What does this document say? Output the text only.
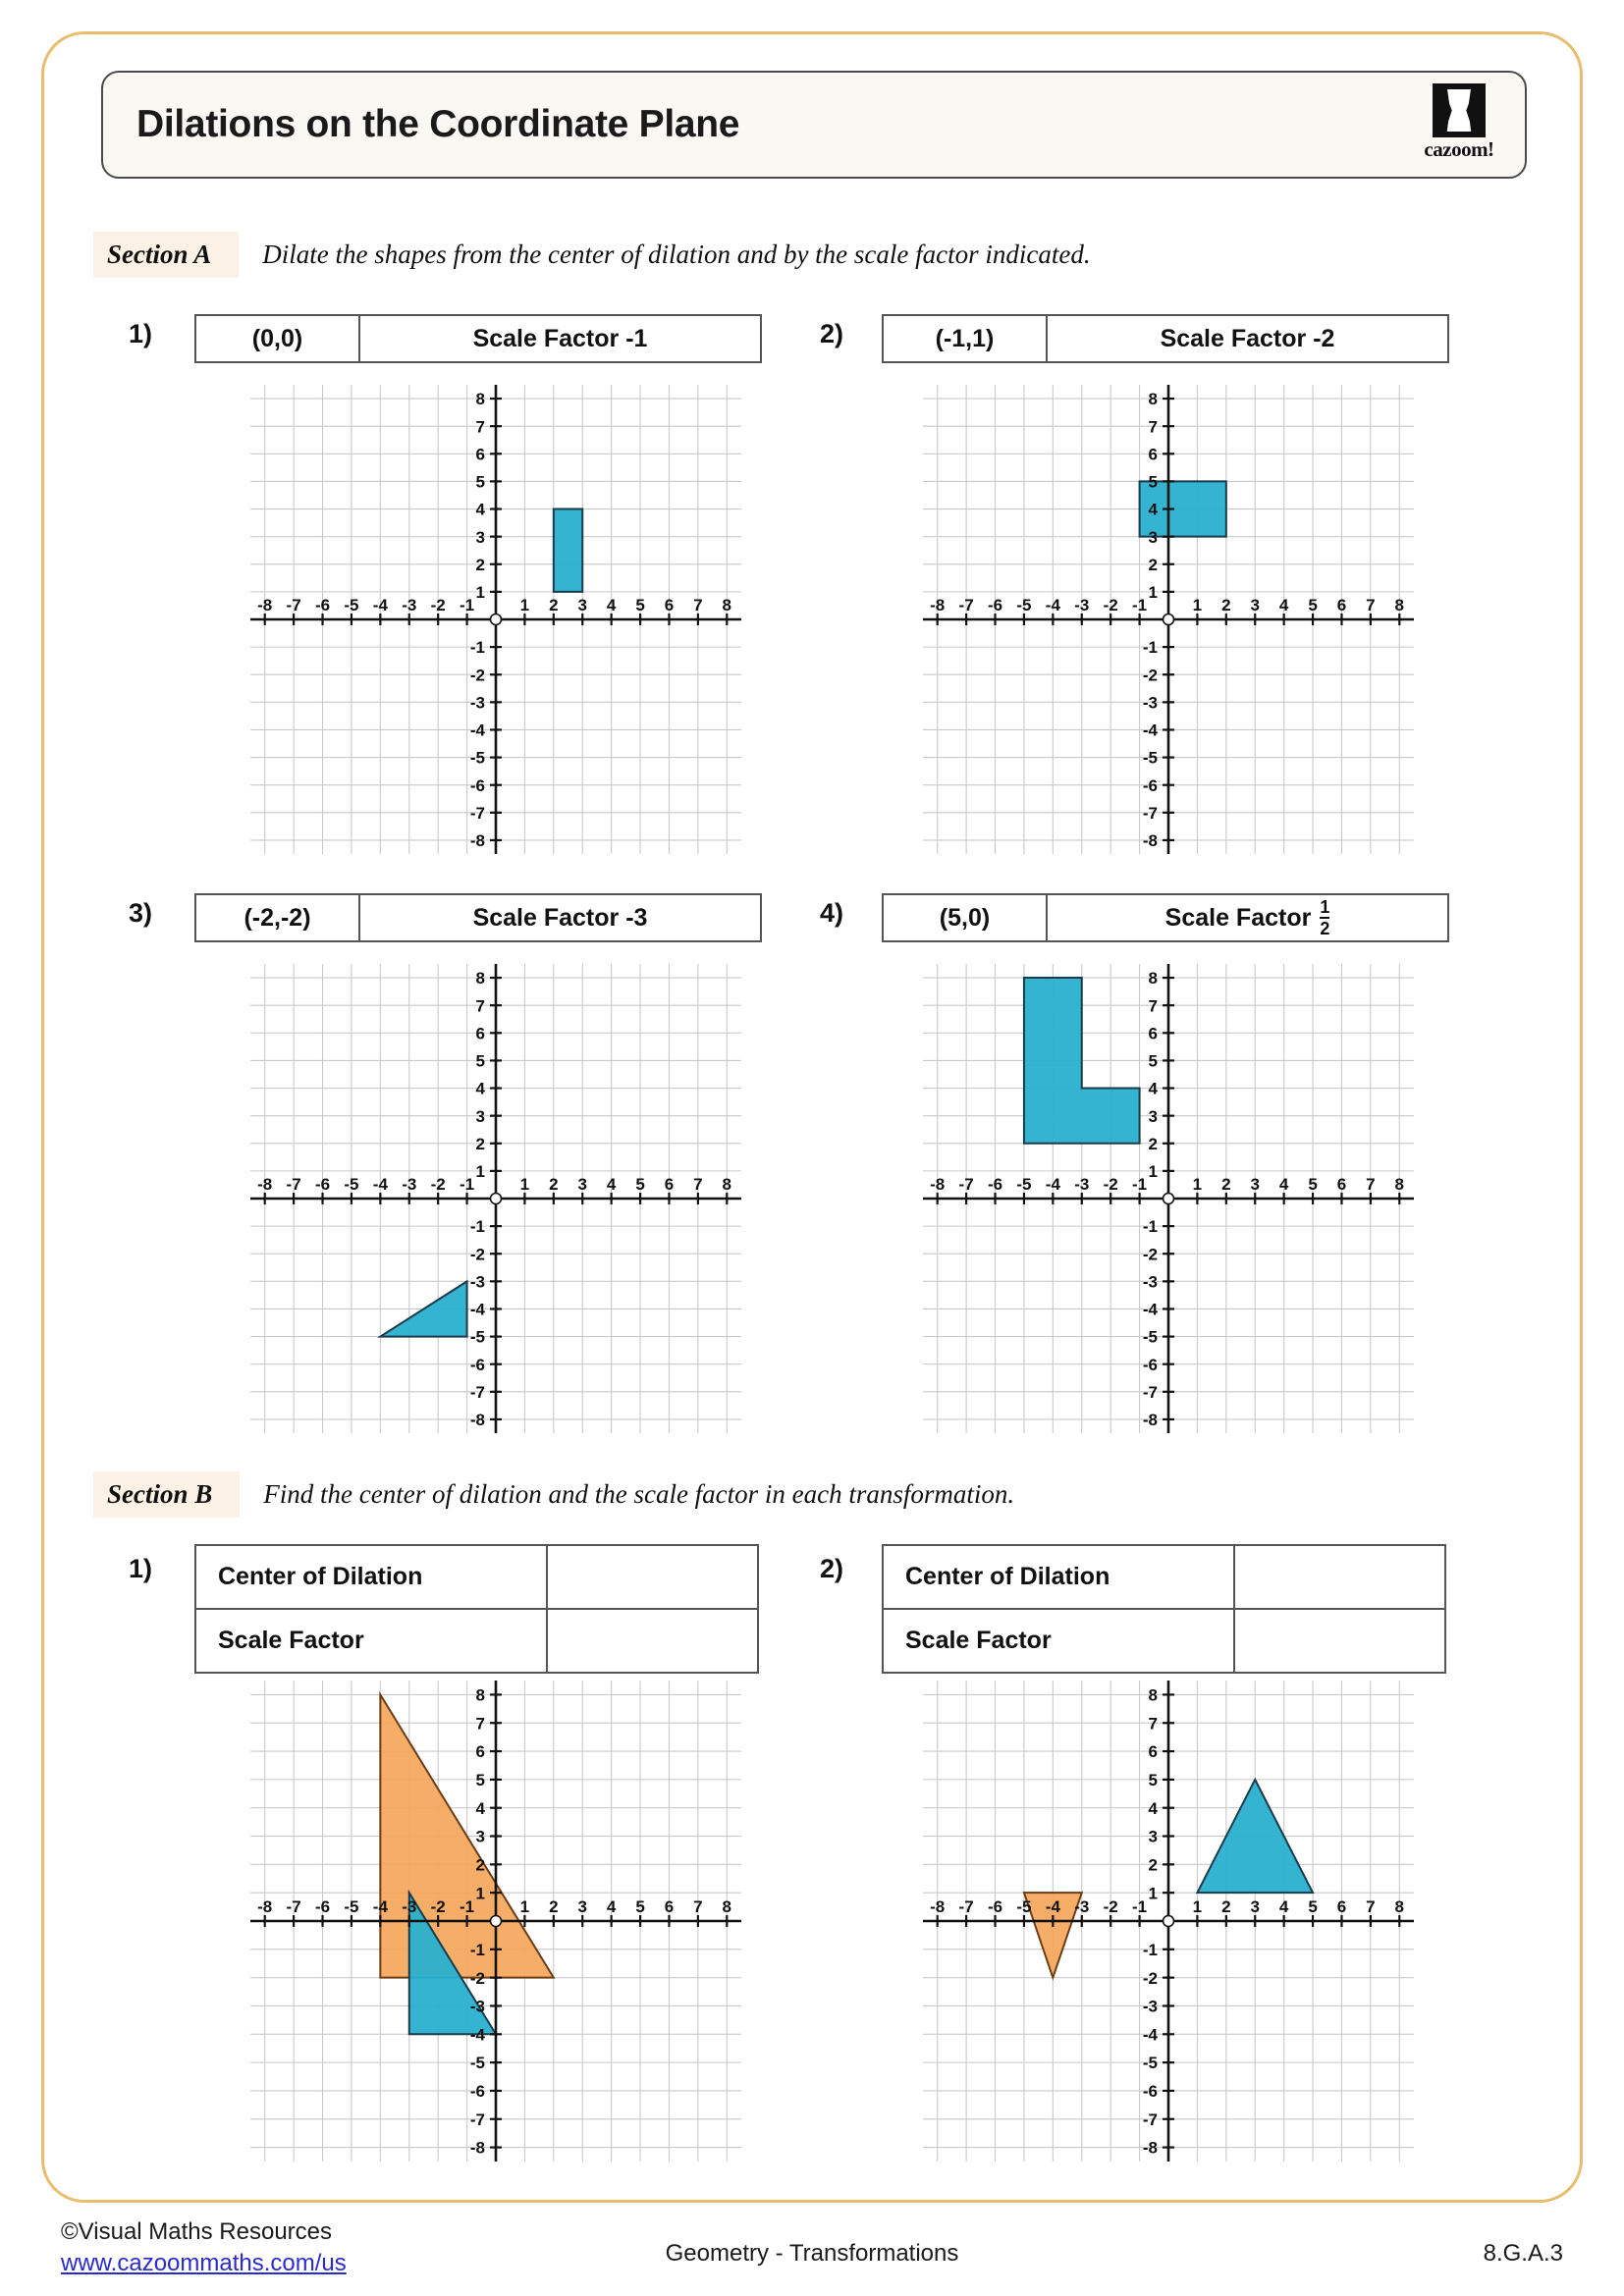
Dilations on the Coordinate Plane
cazoom!
Section A	Dilate the shapes from the center of dilation and by the scale factor indicated.
1)	(0,0)	Scale Factor -1
-8 -7 -6 -5 -4 -3 -2 -1	1 2 3 4 5 6 7 8
-8
-7
-6
-5
-4
-3
-2
-1
1
2
3
4
5
6
7
8
2)	(-1,1)	Scale Factor -2
-8 -7 -6 -5 -4 -3 -2 -1	1 2 3 4 5 6 7 8
-8
-7
-6
-5
-4
-3
-2
-1
1
2
3
4
5
6
7
8
3)	(-2,-2)	Scale Factor -3
-8 -7 -6 -5 -4 -3 -2 -1	1 2 3 4 5 6 7 8
-8
-7
-6
-5
-4
-3
-2
-1
1
2
3
4
5
6
7
8
4)	(5,0)	Scale Factor $\frac{1}{2}$
-8 -7 -6 -5 -4 -3 -2 -1	1 2 3 4 5 6 7 8
-8
-7
-6
-5
-4
-3
-2
-1
1
2
3
4
5
6
7
8
Section B	Find the center of dilation and the scale factor in each transformation.
1)	Center of Dilation
Scale Factor
-8 -7 -6 -5 -4 -3 -2 -1	1 2 3 4 5 6 7 8
-8
-7
-6
-5
-4
-3
-2
-1
1
2
3
4
5
6
7
8
2)	Center of Dilation
Scale Factor
-8 -7 -6 -5 -4 -3 -2 -1	1 2 3 4 5 6 7 8
-8
-7
-6
-5
-4
-3
-2
-1
1
2
3
4
5
6
7
8
©Visual Maths Resources
www.cazoommaths.com/us	Geometry - Transformations	8.G.A.3
